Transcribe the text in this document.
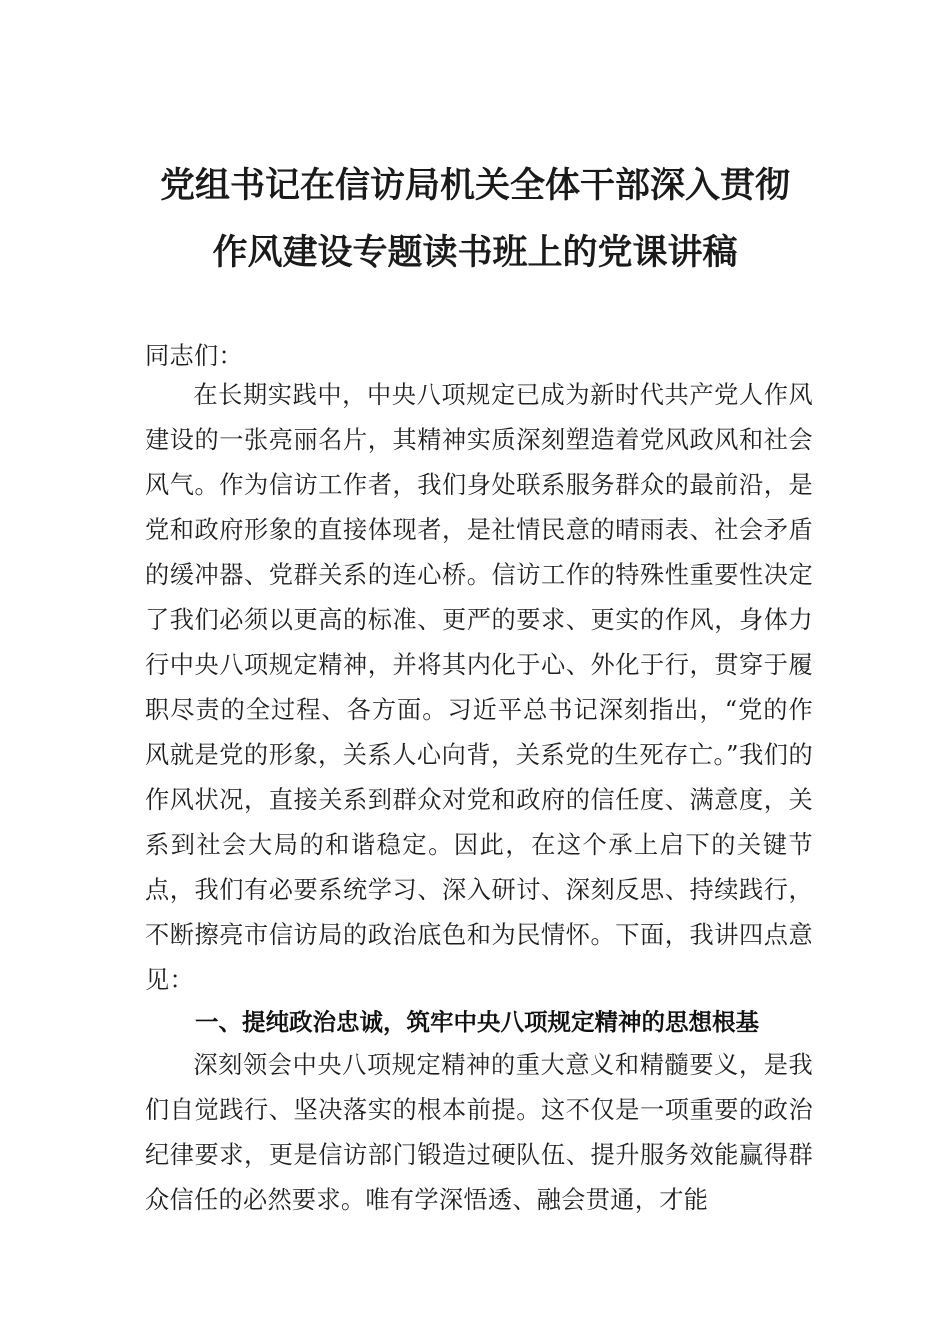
党组书记在信访局机关全体干部深入贯彻
作风建设专题读书班上的党课讲稿
同志们：
在长期实践中，中央八项规定已成为新时代共产党人作风建设的一张亮丽名片，其精神实质深刻塑造着党风政风和社会风气。作为信访工作者，我们身处联系服务群众的最前沿，是党和政府形象的直接体现者，是社情民意的晴雨表、社会矛盾的缓冲器、党群关系的连心桥。信访工作的特殊性重要性决定了我们必须以更高的标准、更严的要求、更实的作风，身体力行中央八项规定精神，并将其内化于心、外化于行，贯穿于履职尽责的全过程、各方面。习近平总书记深刻指出，“党的作风就是党的形象，关系人心向背，关系党的生死存亡。”我们的作风状况，直接关系到群众对党和政府的信任度、满意度，关系到社会大局的和谐稳定。因此，在这个承上启下的关键节点，我们有必要系统学习、深入研讨、深刻反思、持续践行，不断擦亮市信访局的政治底色和为民情怀。下面，我讲四点意见：
一、提纯政治忠诚，筑牢中央八项规定精神的思想根基
深刻领会中央八项规定精神的重大意义和精髓要义，是我们自觉践行、坚决落实的根本前提。这不仅是一项重要的政治纪律要求，更是信访部门锻造过硬队伍、提升服务效能赢得群众信任的必然要求。唯有学深悟透、融会贯通，才能
